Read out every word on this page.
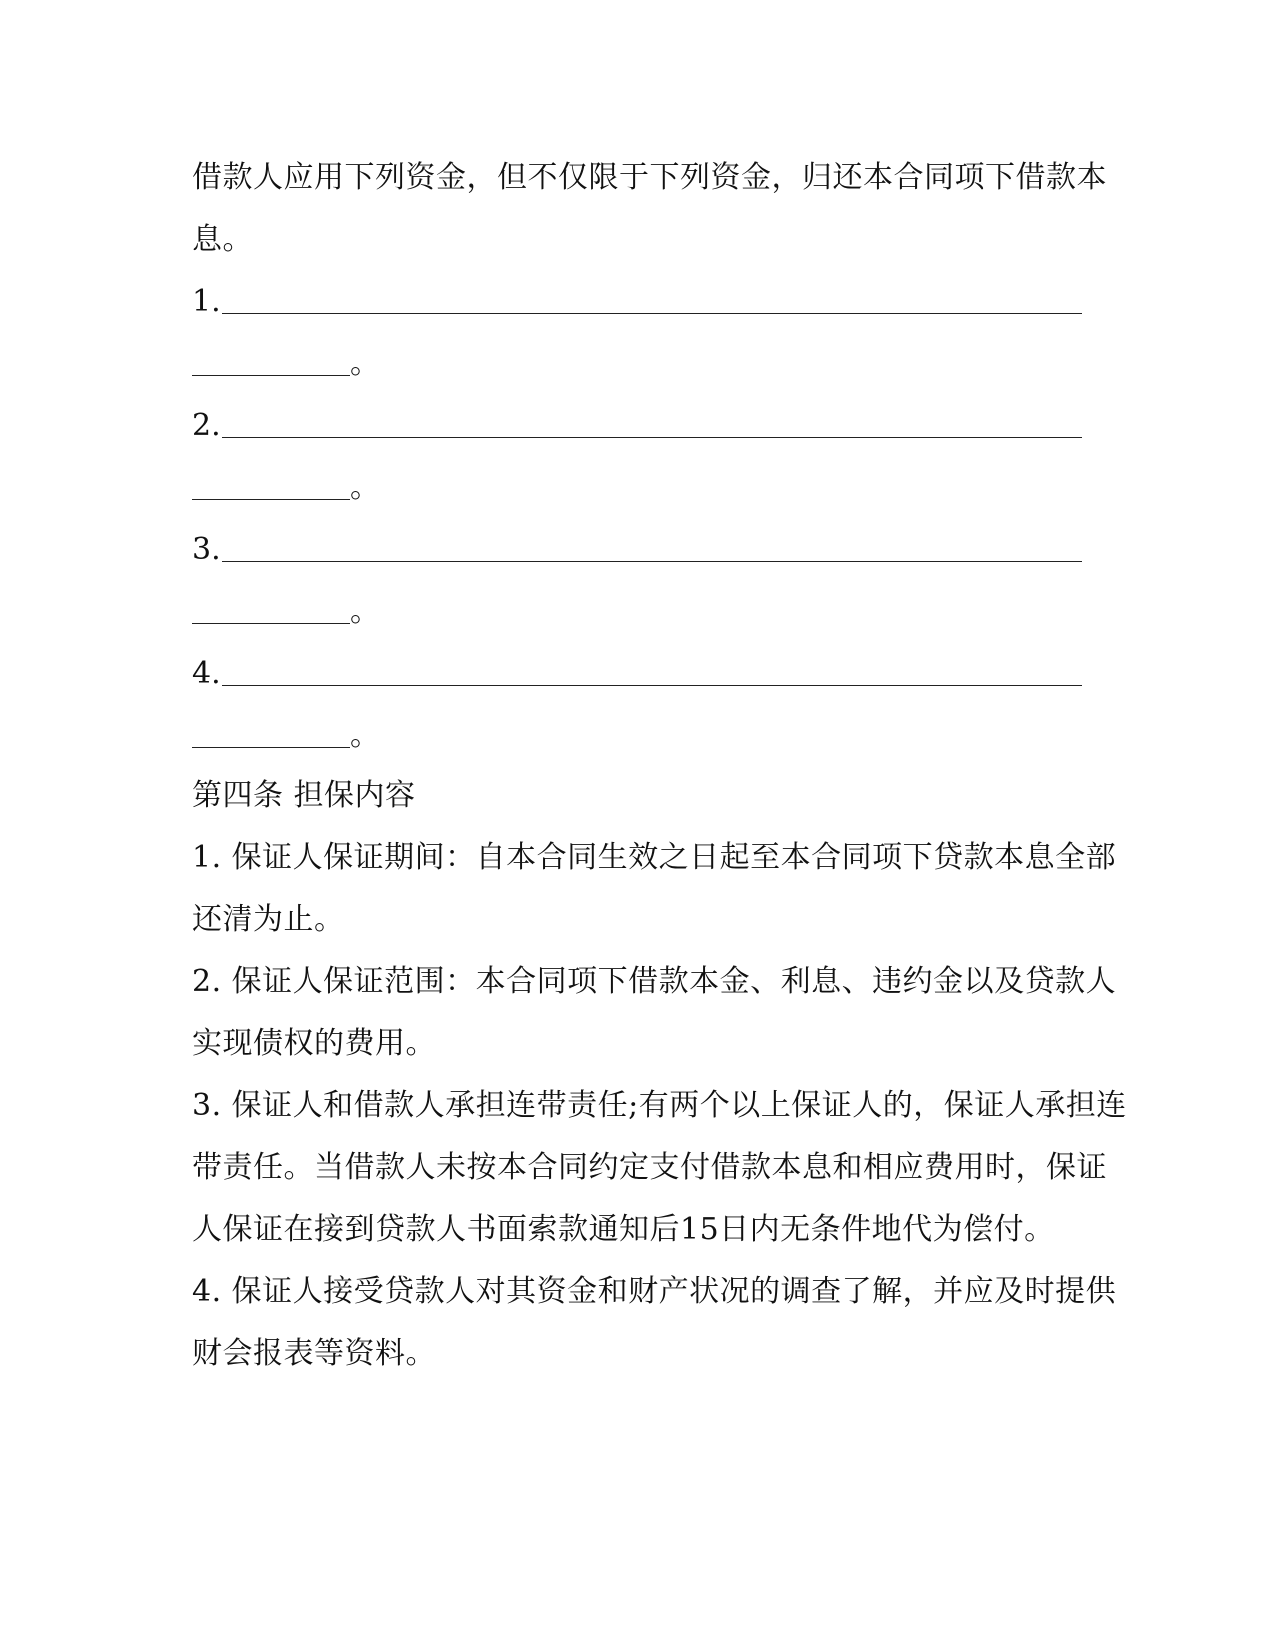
借款人应用下列资金，但不仅限于下列资金，归还本合同项下借款本
息。
1.
。
2.
。
3.
。
4.
。
第四条 担保内容
1. 保证人保证期间：自本合同生效之日起至本合同项下贷款本息全部
还清为止。
2. 保证人保证范围：本合同项下借款本金、利息、违约金以及贷款人
实现债权的费用。
3. 保证人和借款人承担连带责任;有两个以上保证人的，保证人承担连
带责任。当借款人未按本合同约定支付借款本息和相应费用时，保证
人保证在接到贷款人书面索款通知后15日内无条件地代为偿付。
4. 保证人接受贷款人对其资金和财产状况的调查了解，并应及时提供
财会报表等资料。
